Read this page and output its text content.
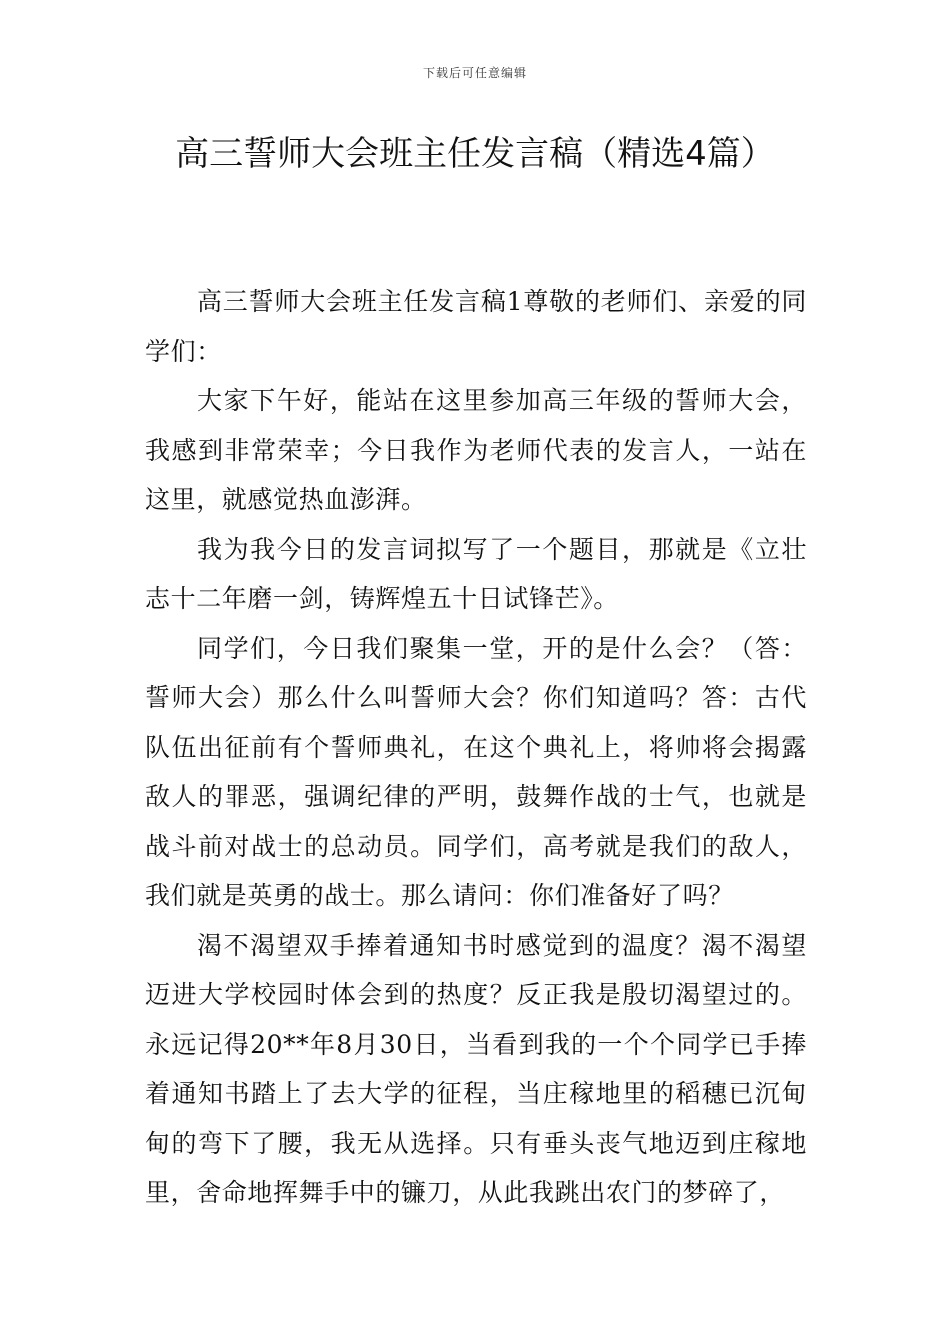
下载后可任意编辑
高三誓师大会班主任发言稿（精选4篇）

高三誓师大会班主任发言稿1尊敬的老师们、亲爱的同学们：

大家下午好，能站在这里参加高三年级的誓师大会，我感到非常荣幸；今日我作为老师代表的发言人，一站在这里，就感觉热血澎湃。

我为我今日的发言词拟写了一个题目，那就是《立壮志十二年磨一剑，铸辉煌五十日试锋芒》。

同学们，今日我们聚集一堂，开的是什么会？（答：誓师大会）那么什么叫誓师大会？你们知道吗？答：古代队伍出征前有个誓师典礼，在这个典礼上，将帅将会揭露敌人的罪恶，强调纪律的严明，鼓舞作战的士气，也就是战斗前对战士的总动员。同学们，高考就是我们的敌人，我们就是英勇的战士。那么请问：你们准备好了吗？

渴不渴望双手捧着通知书时感觉到的温度？渴不渴望迈进大学校园时体会到的热度？反正我是殷切渴望过的。永远记得20**年8月30日，当看到我的一个个同学已手捧着通知书踏上了去大学的征程，当庄稼地里的稻穗已沉甸甸的弯下了腰，我无从选择。只有垂头丧气地迈到庄稼地里，舍命地挥舞手中的镰刀，从此我跳出农门的梦碎了，
